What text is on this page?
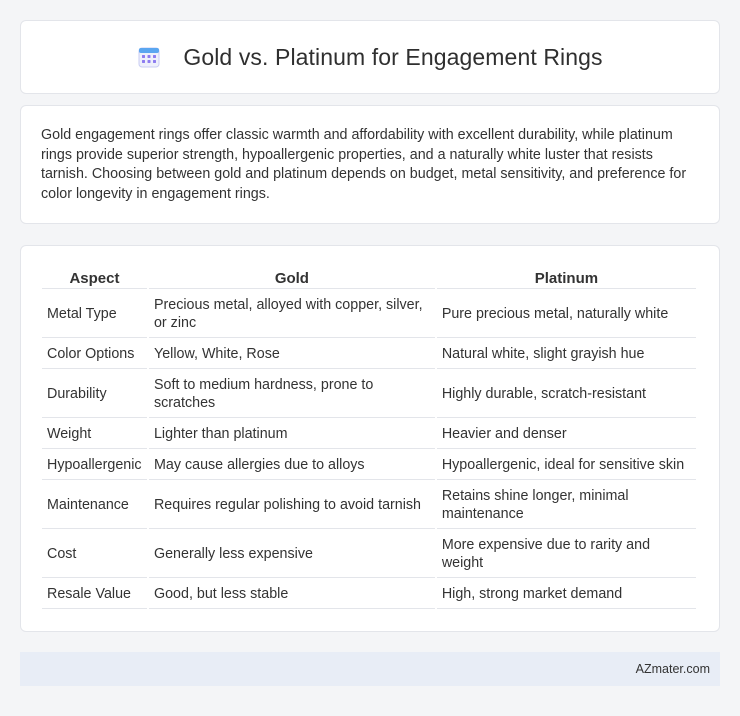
Gold vs. Platinum for Engagement Rings

Gold engagement rings offer classic warmth and affordability with excellent durability, while platinum rings provide superior strength, hypoallergenic properties, and a naturally white luster that resists tarnish. Choosing between gold and platinum depends on budget, metal sensitivity, and preference for color longevity in engagement rings.

Aspect	Gold	Platinum
Metal Type	Precious metal, alloyed with copper, silver, or zinc	Pure precious metal, naturally white
Color Options	Yellow, White, Rose	Natural white, slight grayish hue
Durability	Soft to medium hardness, prone to scratches	Highly durable, scratch-resistant
Weight	Lighter than platinum	Heavier and denser
Hypoallergenic	May cause allergies due to alloys	Hypoallergenic, ideal for sensitive skin
Maintenance	Requires regular polishing to avoid tarnish	Retains shine longer, minimal maintenance
Cost	Generally less expensive	More expensive due to rarity and weight
Resale Value	Good, but less stable	High, strong market demand
AZmater.com
